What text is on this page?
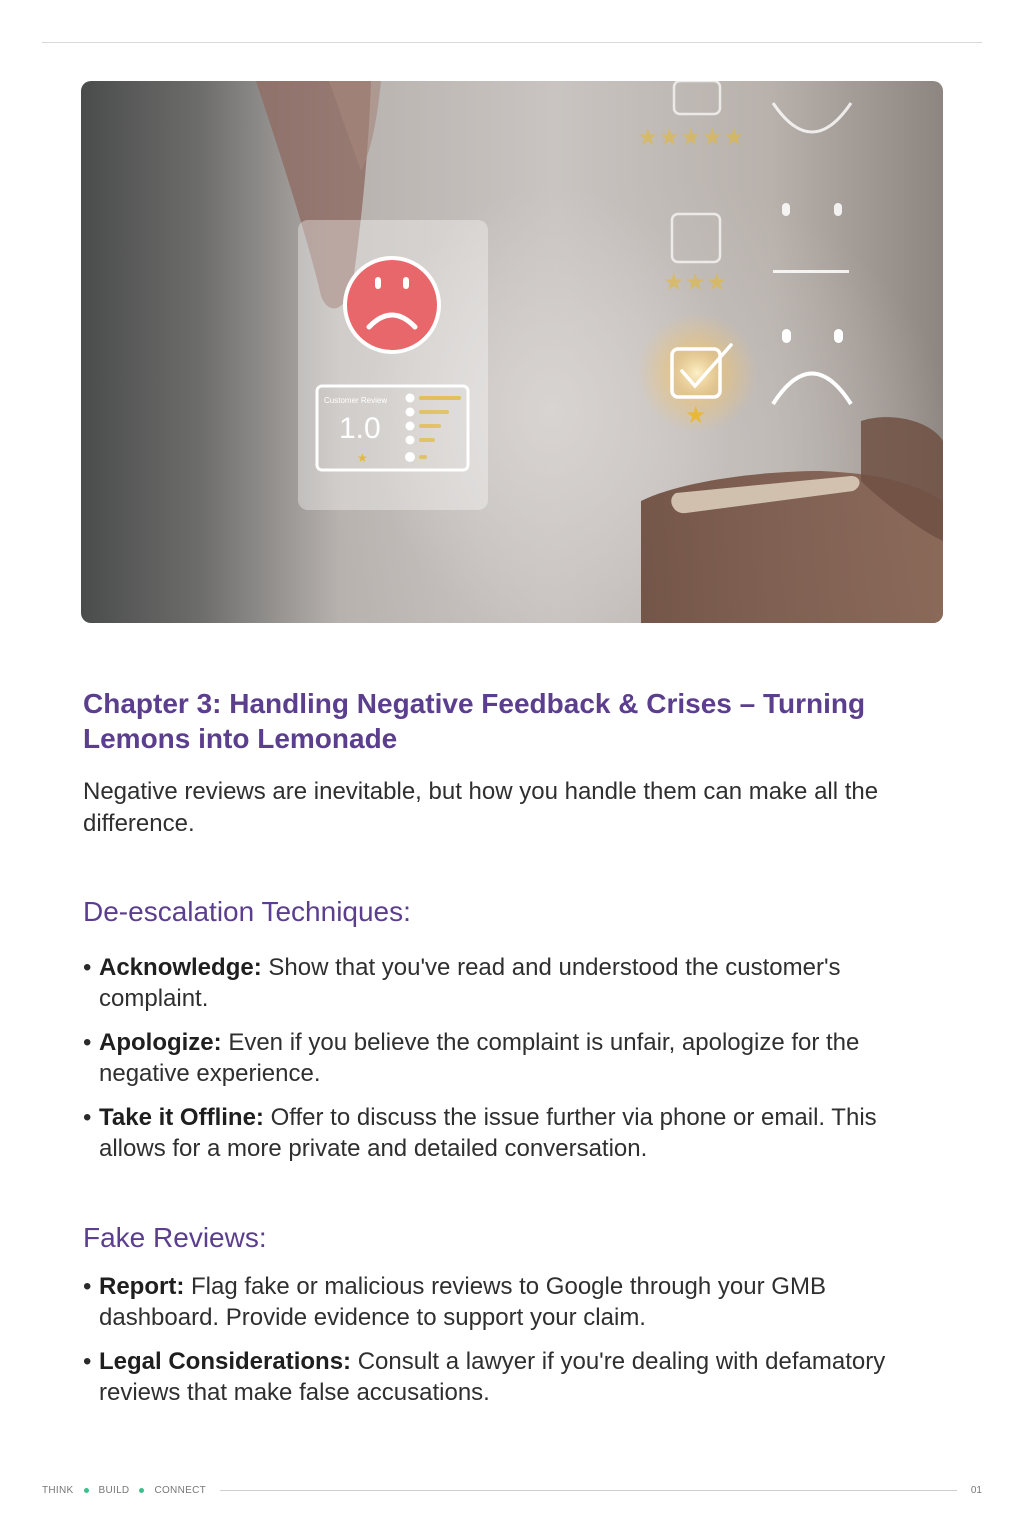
Customer Review
1.0
★
★★★★★
★★★
★
Chapter 3: Handling Negative Feedback & Crises – Turning Lemons into Lemonade

Negative reviews are inevitable, but how you handle them can make all the difference.

De-escalation Techniques:
• Acknowledge: Show that you've read and understood the customer's complaint.
• Apologize: Even if you believe the complaint is unfair, apologize for the negative experience.
• Take it Offline: Offer to discuss the issue further via phone or email. This allows for a more private and detailed conversation.
Fake Reviews:
• Report: Flag fake or malicious reviews to Google through your GMB dashboard. Provide evidence to support your claim.
• Legal Considerations: Consult a lawyer if you're dealing with defamatory reviews that make false accusations.
THINK	BUILD	CONNECT	01
